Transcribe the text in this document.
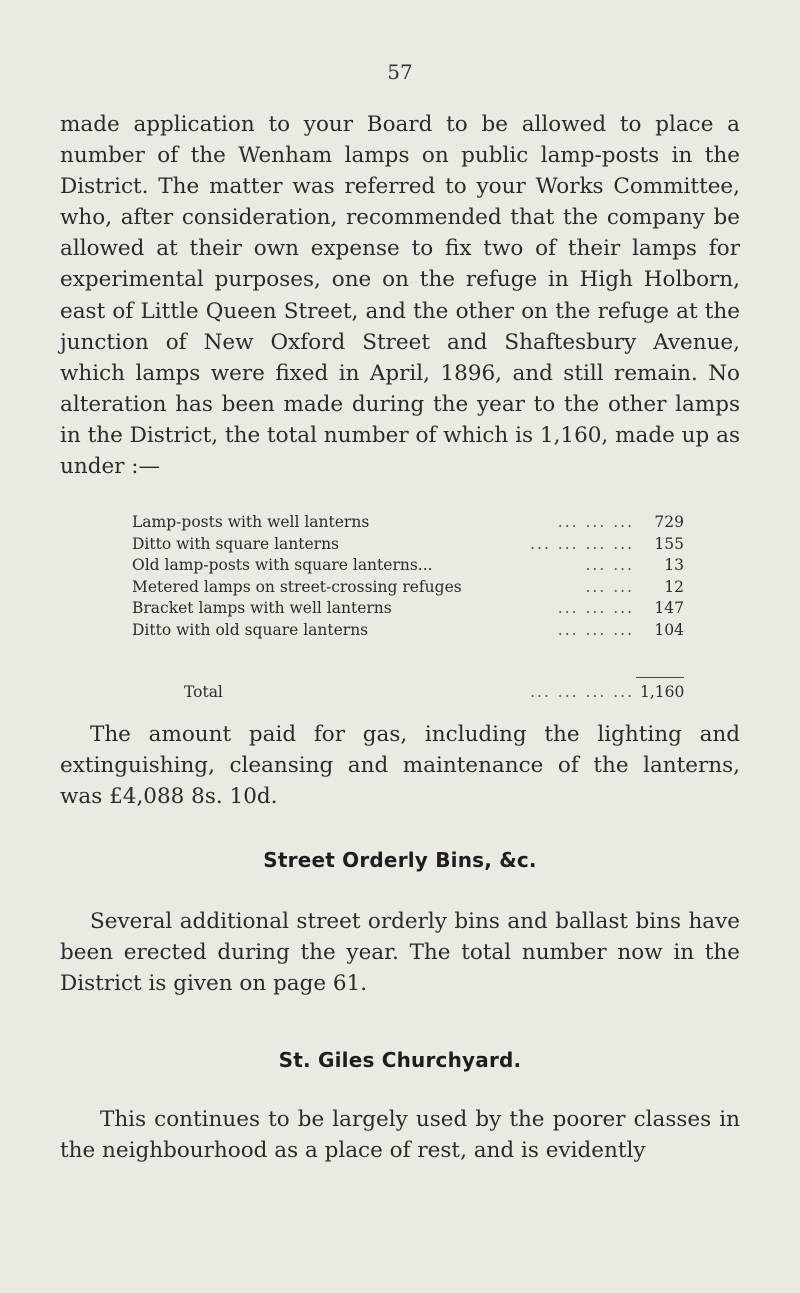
57

made application to your Board to be allowed to place a number of the Wenham lamps on public lamp-posts in the District. The matter was referred to your Works Committee, who, after consideration, recommended that the company be allowed at their own expense to fix two of their lamps for experimental purposes, one on the refuge in High Holborn, east of Little Queen Street, and the other on the refuge at the junction of New Oxford Street and Shaftesbury Avenue, which lamps were fixed in April, 1896, and still remain. No alteration has been made during the year to the other lamps in the District, the total number of which is 1,160, made up as under :—

Lamp-posts with well lanterns	... ... ...	729
Ditto with square lanterns	... ... ... ...	155
Old lamp-posts with square lanterns...	... ...	13
Metered lamps on street-crossing refuges	... ...	12
Bracket lamps with well lanterns	... ... ...	147
Ditto with old square lanterns	... ... ...	104
Total	... ... ... ... 1,160

The amount paid for gas, including the lighting and extinguishing, cleansing and maintenance of the lanterns, was £4,088 8s. 10d.

Street Orderly Bins, &c.

Several additional street orderly bins and ballast bins have been erected during the year. The total number now in the District is given on page 61.

St. Giles Churchyard.

This continues to be largely used by the poorer classes in the neighbourhood as a place of rest, and is evidently
